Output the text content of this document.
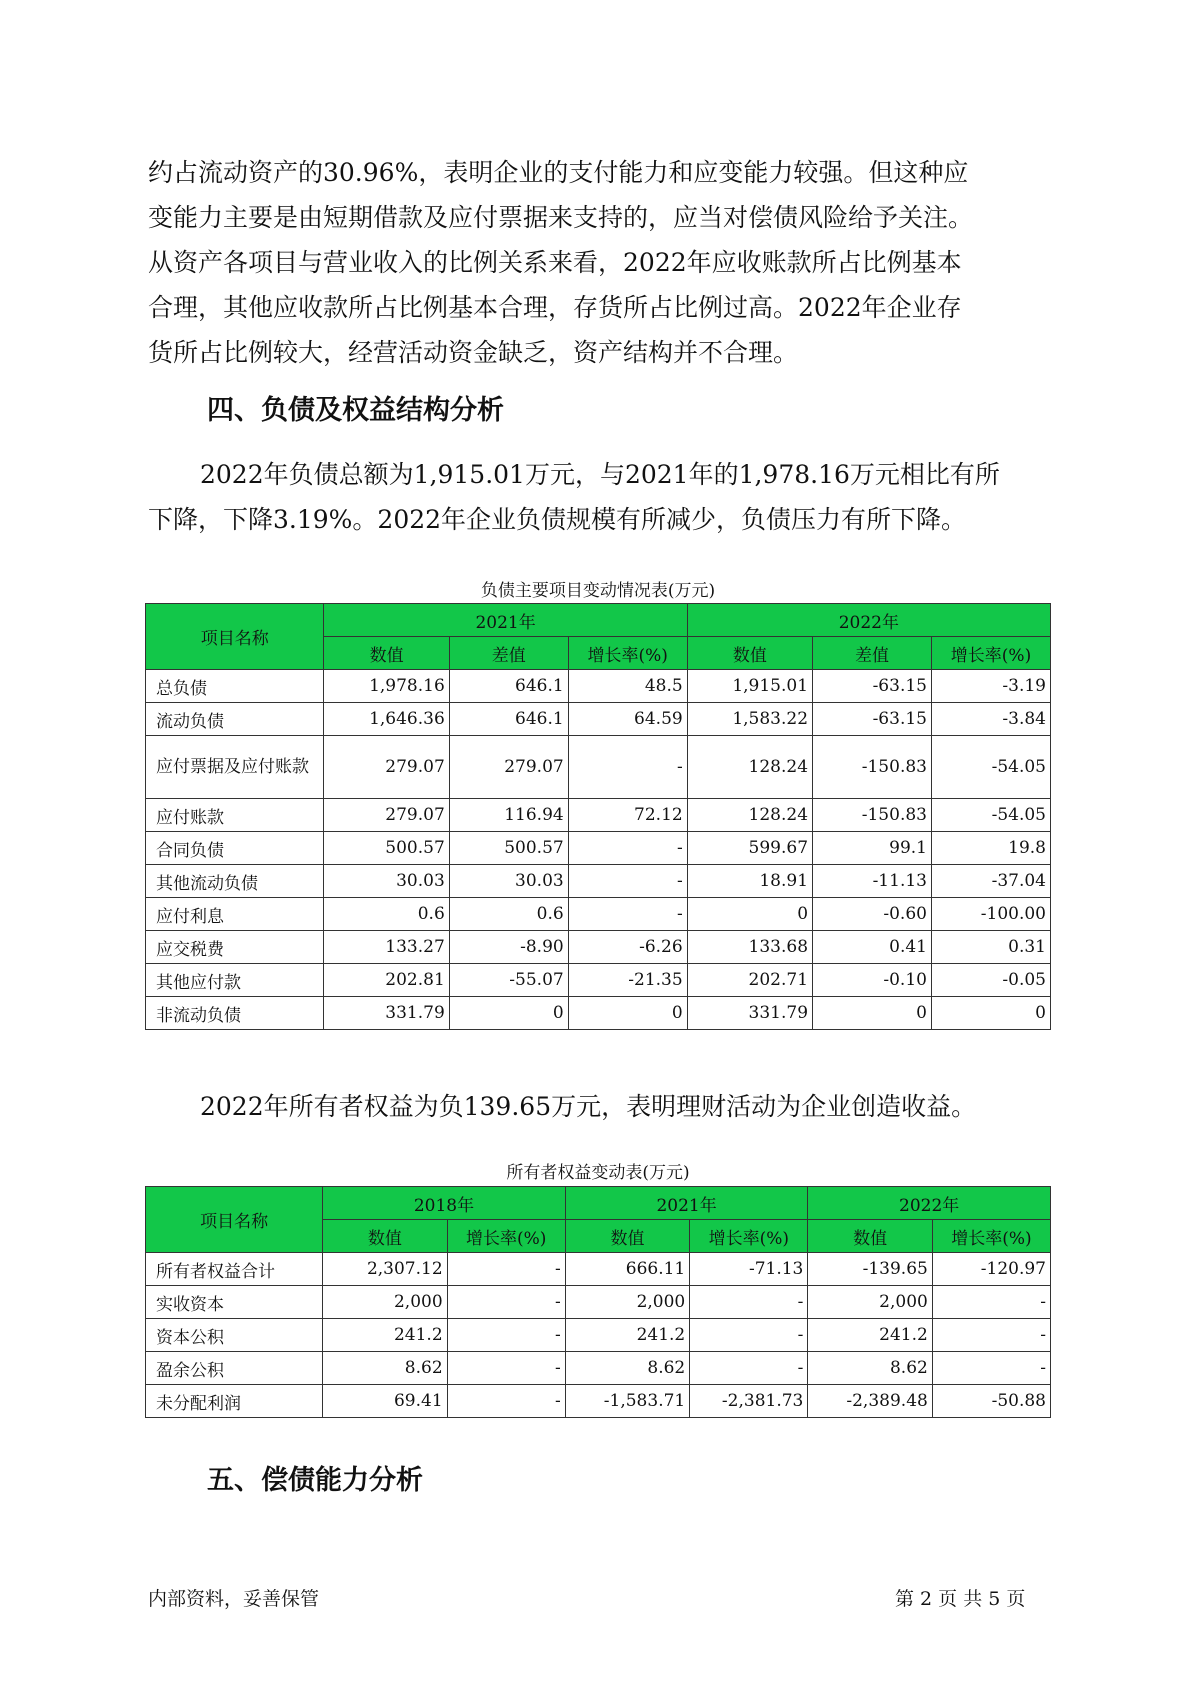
约占流动资产的30.96%，表明企业的支付能力和应变能力较强。但这种应

变能力主要是由短期借款及应付票据来支持的，应当对偿债风险给予关注。

从资产各项目与营业收入的比例关系来看，2022年应收账款所占比例基本

合理，其他应收款所占比例基本合理，存货所占比例过高。2022年企业存

货所占比例较大，经营活动资金缺乏，资产结构并不合理。

四、负债及权益结构分析

2022年负债总额为1,915.01万元，与2021年的1,978.16万元相比有所

下降，下降3.19%。2022年企业负债规模有所减少，负债压力有所下降。

负债主要项目变动情况表(万元)
项目名称	2021年			2022年		
	数值	差值	增长率(%)	数值	差值	增长率(%)
总负债	1,978.16	646.1	48.5	1,915.01	-63.15	-3.19
流动负债	1,646.36	646.1	64.59	1,583.22	-63.15	-3.84
应付票据及应付账款	279.07	279.07	-	128.24	-150.83	-54.05
应付账款	279.07	116.94	72.12	128.24	-150.83	-54.05
合同负债	500.57	500.57	-	599.67	99.1	19.8
其他流动负债	30.03	30.03	-	18.91	-11.13	-37.04
应付利息	0.6	0.6	-	0	-0.60	-100.00
应交税费	133.27	-8.90	-6.26	133.68	0.41	0.31
其他应付款	202.81	-55.07	-21.35	202.71	-0.10	-0.05
非流动负债	331.79	0	0	331.79	0	0
2022年所有者权益为负139.65万元，表明理财活动为企业创造收益。
所有者权益变动表(万元)
项目名称	2018年		2021年		2022年	
	数值	增长率(%)	数值	增长率(%)	数值	增长率(%)
所有者权益合计	2,307.12	-	666.11	-71.13	-139.65	-120.97
实收资本	2,000	-	2,000	-	2,000	-
资本公积	241.2	-	241.2	-	241.2	-
盈余公积	8.62	-	8.62	-	8.62	-
未分配利润	69.41	-	-1,583.71	-2,381.73	-2,389.48	-50.88
五、偿债能力分析
内部资料，妥善保管	第 2 页 共 5 页
